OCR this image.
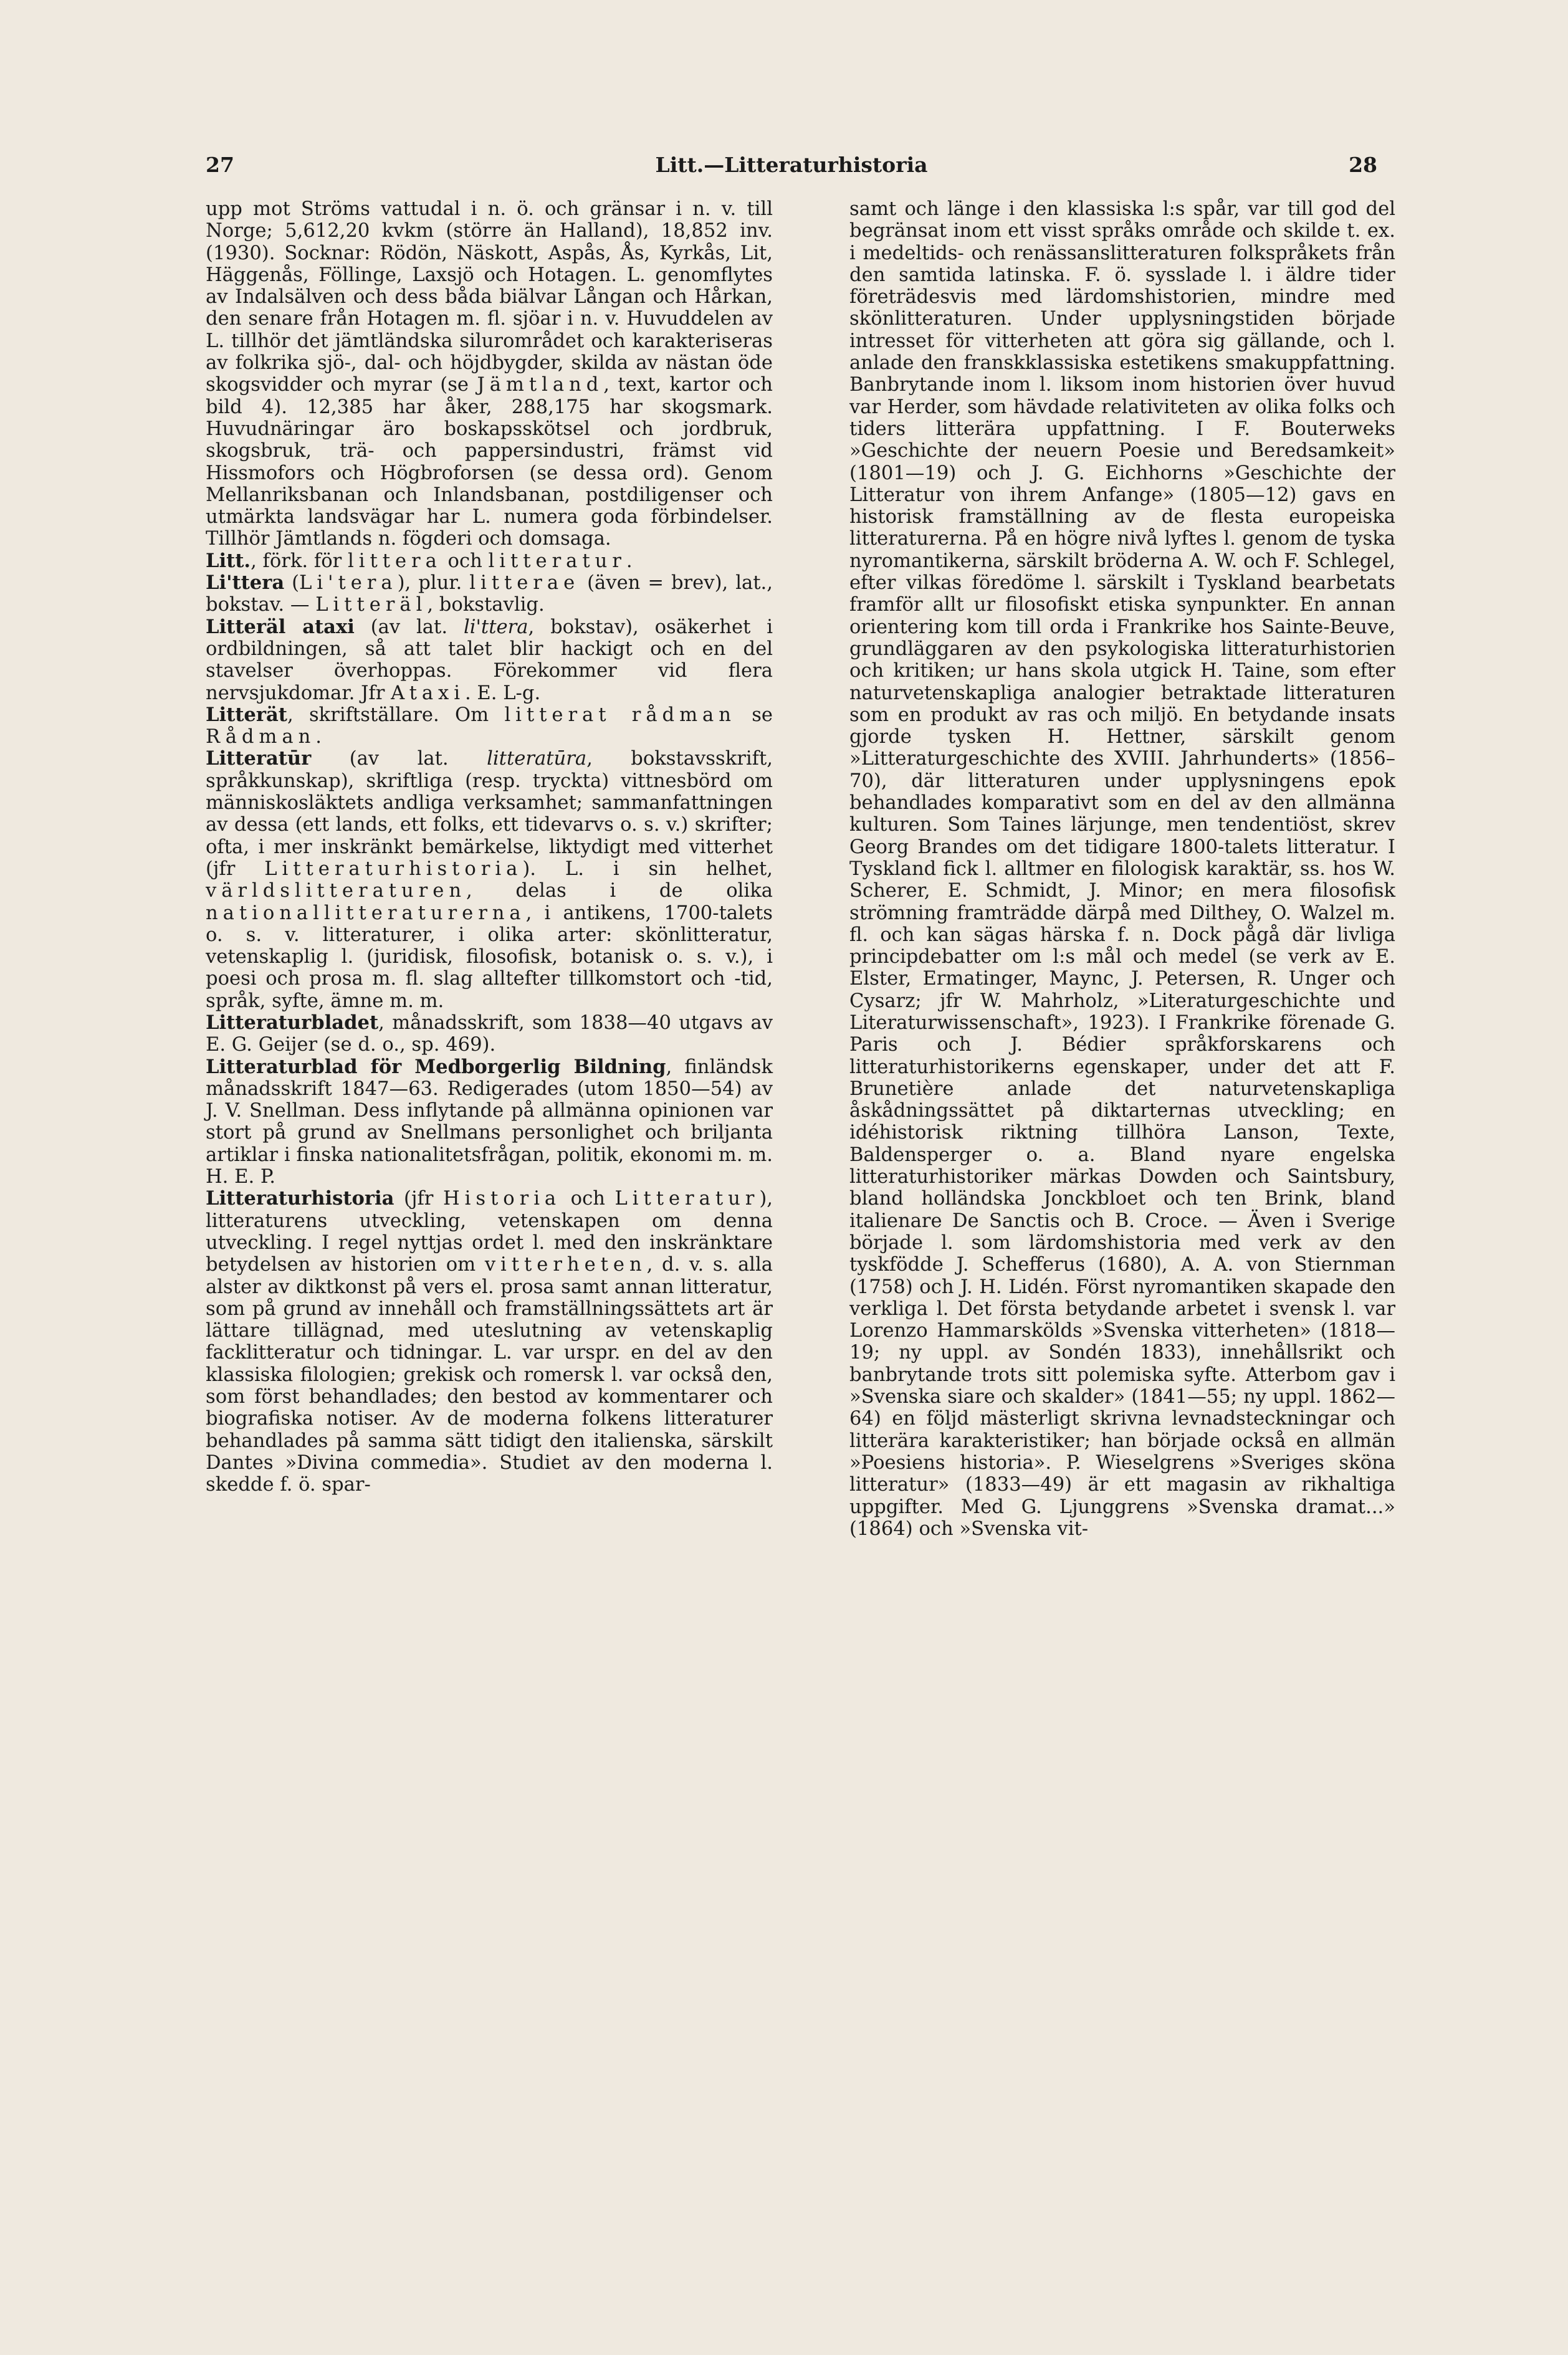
27	Litt.—Litteraturhistoria	28

upp mot Ströms vattudal i n. ö. och gränsar i n. v. till Norge; 5,612,20 kvkm (större än Halland), 18,852 inv. (1930). Socknar: Rödön, Näskott, Aspås, Ås, Kyrkås, Lit, Häggenås, Föllinge, Laxsjö och Hotagen. L. genomflytes av Indalsälven och dess båda biälvar Långan och Hårkan, den senare från Hotagen m. fl. sjöar i n. v. Huvuddelen av L. tillhör det jämtländska silurområdet och karakteriseras av folkrika sjö-, dal- och höjdbygder, skilda av nästan öde skogsvidder och myrar (se Jämtland, text, kartor och bild 4). 12,385 har åker, 288,175 har skogsmark. Huvudnäringar äro boskapsskötsel och jordbruk, skogsbruk, trä- och pappersindustri, främst vid Hissmofors och Högbroforsen (se dessa ord). Genom Mellanriksbanan och Inlandsbanan, postdiligenser och utmärkta landsvägar har L. numera goda förbindelser. Tillhör Jämtlands n. fögderi och domsaga.

Litt., förk. för littera och litteratur.

Li'ttera (Li'tera), plur. litterae (även = brev), lat., bokstav. — Litteräl, bokstavlig.

Litteräl ataxi (av lat. li'ttera, bokstav), osäkerhet i ordbildningen, så att talet blir hackigt och en del stavelser överhoppas. Förekommer vid flera nervsjukdomar. Jfr Ataxi. E. L-g.

Litterät, skriftställare. Om litterat rådman se Rådman.

Litteratūr (av lat. litteratūra, bokstavsskrift, språkkunskap), skriftliga (resp. tryckta) vittnesbörd om människosläktets andliga verksamhet; sammanfattningen av dessa (ett lands, ett folks, ett tidevarvs o. s. v.) skrifter; ofta, i mer inskränkt bemärkelse, liktydigt med vitterhet (jfr Litteraturhistoria). L. i sin helhet, världslitteraturen, delas i de olika nationallitteraturerna, i antikens, 1700-talets o. s. v. litteraturer, i olika arter: skönlitteratur, vetenskaplig l. (juridisk, filosofisk, botanisk o. s. v.), i poesi och prosa m. fl. slag alltefter tillkomstort och -tid, språk, syfte, ämne m. m.

Litteraturbladet, månadsskrift, som 1838—40 utgavs av E. G. Geijer (se d. o., sp. 469).

Litteraturblad för Medborgerlig Bildning, finländsk månadsskrift 1847—63. Redigerades (utom 1850—54) av J. V. Snellman. Dess inflytande på allmänna opinionen var stort på grund av Snellmans personlighet och briljanta artiklar i finska nationalitetsfrågan, politik, ekonomi m. m. H. E. P.

Litteraturhistoria (jfr Historia och Litteratur), litteraturens utveckling, vetenskapen om denna utveckling. I regel nyttjas ordet l. med den inskränktare betydelsen av historien om vitterheten, d. v. s. alla alster av diktkonst på vers el. prosa samt annan litteratur, som på grund av innehåll och framställningssättets art är lättare tillägnad, med uteslutning av vetenskaplig facklitteratur och tidningar. L. var urspr. en del av den klassiska filologien; grekisk och romersk l. var också den, som först behandlades; den bestod av kommentarer och biografiska notiser. Av de moderna folkens litteraturer behandlades på samma sätt tidigt den italienska, särskilt Dantes »Divina commedia». Studiet av den moderna l. skedde f. ö. spar-

samt och länge i den klassiska l:s spår, var till god del begränsat inom ett visst språks område och skilde t. ex. i medeltids- och renässanslitteraturen folkspråkets från den samtida latinska. F. ö. sysslade l. i äldre tider företrädesvis med lärdomshistorien, mindre med skönlitteraturen. Under upplysningstiden började intresset för vitterheten att göra sig gällande, och l. anlade den franskklassiska estetikens smakuppfattning. Banbrytande inom l. liksom inom historien över huvud var Herder, som hävdade relativiteten av olika folks och tiders litterära uppfattning. I F. Bouterweks »Geschichte der neuern Poesie und Beredsamkeit» (1801—19) och J. G. Eichhorns »Geschichte der Litteratur von ihrem Anfange» (1805—12) gavs en historisk framställning av de flesta europeiska litteraturerna. På en högre nivå lyftes l. genom de tyska nyromantikerna, särskilt bröderna A. W. och F. Schlegel, efter vilkas föredöme l. särskilt i Tyskland bearbetats framför allt ur filosofiskt etiska synpunkter. En annan orientering kom till orda i Frankrike hos Sainte-Beuve, grundläggaren av den psykologiska litteraturhistorien och kritiken; ur hans skola utgick H. Taine, som efter naturvetenskapliga analogier betraktade litteraturen som en produkt av ras och miljö. En betydande insats gjorde tysken H. Hettner, särskilt genom »Litteraturgeschichte des XVIII. Jahrhunderts» (1856–70), där litteraturen under upplysningens epok behandlades komparativt som en del av den allmänna kulturen. Som Taines lärjunge, men tendentiöst, skrev Georg Brandes om det tidigare 1800-talets litteratur. I Tyskland fick l. alltmer en filologisk karaktär, ss. hos W. Scherer, E. Schmidt, J. Minor; en mera filosofisk strömning framträdde därpå med Dilthey, O. Walzel m. fl. och kan sägas härska f. n. Dock pågå där livliga principdebatter om l:s mål och medel (se verk av E. Elster, Ermatinger, Maync, J. Petersen, R. Unger och Cysarz; jfr W. Mahrholz, »Literaturgeschichte und Literaturwissenschaft», 1923). I Frankrike förenade G. Paris och J. Bédier språkforskarens och litteraturhistorikerns egenskaper, under det att F. Brunetière anlade det naturvetenskapliga åskådningssättet på diktarternas utveckling; en idéhistorisk riktning tillhöra Lanson, Texte, Baldensperger o. a. Bland nyare engelska litteraturhistoriker märkas Dowden och Saintsbury, bland holländska Jonckbloet och ten Brink, bland italienare De Sanctis och B. Croce. — Även i Sverige började l. som lärdomshistoria med verk av den tyskfödde J. Schefferus (1680), A. A. von Stiernman (1758) och J. H. Lidén. Först nyromantiken skapade den verkliga l. Det första betydande arbetet i svensk l. var Lorenzo Hammarskölds »Svenska vitterheten» (1818—19; ny uppl. av Sondén 1833), innehållsrikt och banbrytande trots sitt polemiska syfte. Atterbom gav i »Svenska siare och skalder» (1841—55; ny uppl. 1862—64) en följd mästerligt skrivna levnadsteckningar och litterära karakteristiker; han började också en allmän »Poesiens historia». P. Wieselgrens »Sveriges sköna litteratur» (1833—49) är ett magasin av rikhaltiga uppgifter. Med G. Ljunggrens »Svenska dramat...» (1864) och »Svenska vit-
